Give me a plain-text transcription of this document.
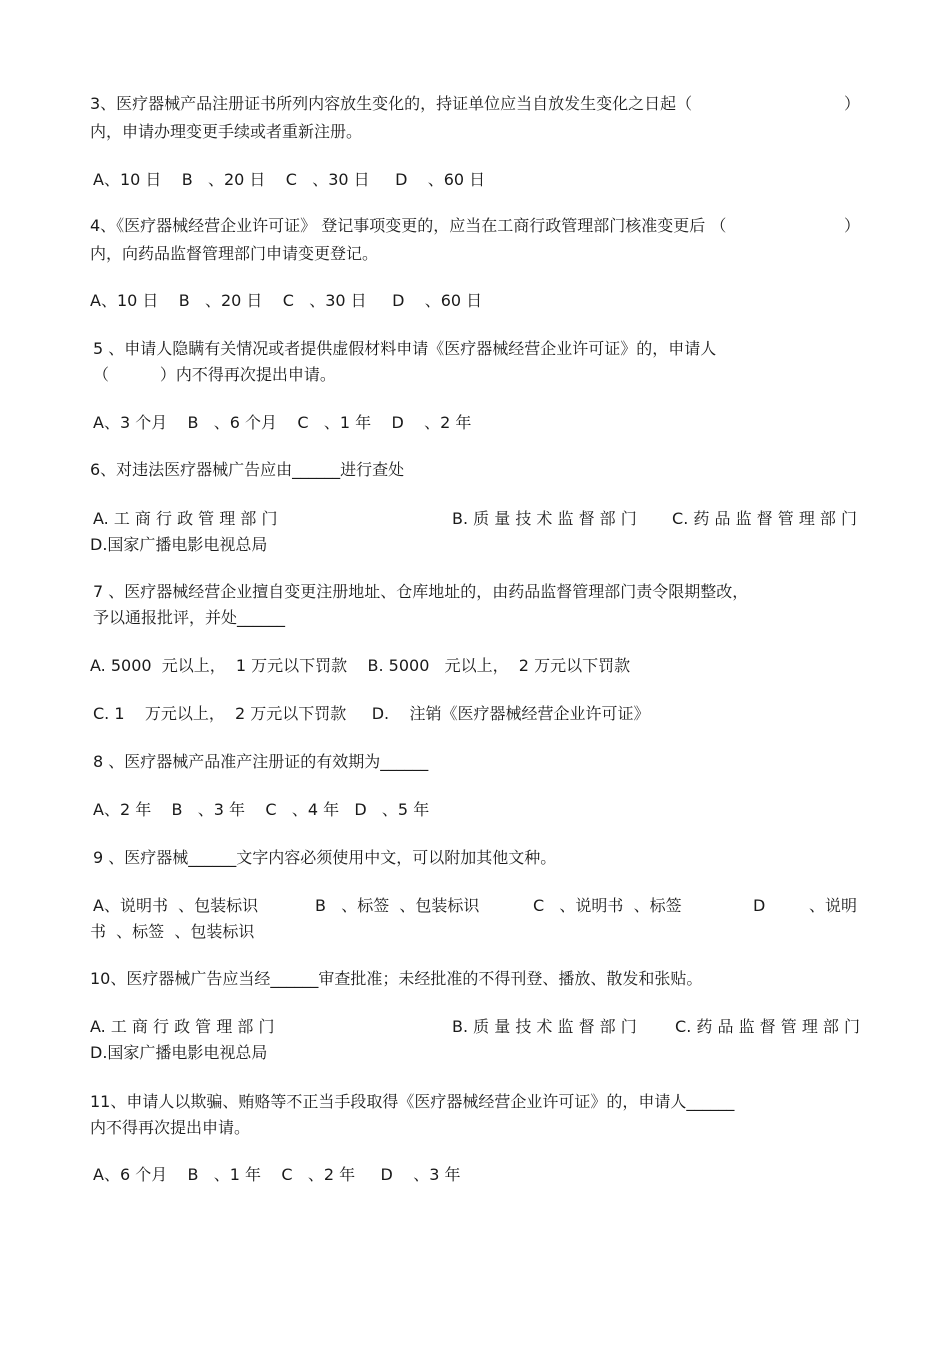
3、医疗器械产品注册证书所列内容放生变化的，持证单位应当自放发生变化之日起（	）
内，申请办理变更手续或者重新注册。
A、10 日    B   、20 日    C   、30 日     D    、60 日
4、《医疗器械经营企业许可证》 登记事项变更的，应当在工商行政管理部门核准变更后 （	）
内，向药品监督管理部门申请变更登记。
A、10 日    B   、20 日    C   、30 日     D    、60 日
5 、申请人隐瞒有关情况或者提供虚假材料申请《医疗器械经营企业许可证》的，申请人
（          ）内不得再次提出申请。
A、3 个月    B   、6 个月    C   、1 年    D    、2 年
6、对违法医疗器械广告应由______进行查处
A. 工 商 行 政 管 理 部 门	B. 质 量 技 术 监 督 部 门 C. 药 品 监 督 管 理 部 门
D.国家广播电影电视总局
7 、医疗器械经营企业擅自变更注册地址、仓库地址的，由药品监督管理部门责令限期整改，
予以通报批评，并处______
A. 5000  元以上，  1 万元以下罚款    B. 5000   元以上，  2 万元以下罚款
C. 1    万元以上，  2 万元以下罚款     D.    注销《医疗器械经营企业许可证》
8 、医疗器械产品准产注册证的有效期为______
A、2 年    B   、3 年    C   、4 年   D   、5 年
9 、医疗器械______文字内容必须使用中文，可以附加其他文种。
A、说明书  、包装标识	B   、标签  、包装标识	C   、说明书  、标签	D	、说明
书  、标签  、包装标识
10、医疗器械广告应当经______审查批准；未经批准的不得刊登、播放、散发和张贴。
A. 工 商 行 政 管 理 部 门	B. 质 量 技 术 监 督 部 门 C. 药 品 监 督 管 理 部 门
D.国家广播电影电视总局
11、申请人以欺骗、贿赂等不正当手段取得《医疗器械经营企业许可证》的，申请人______
内不得再次提出申请。
A、6 个月    B   、1 年    C   、2 年     D    、3 年
